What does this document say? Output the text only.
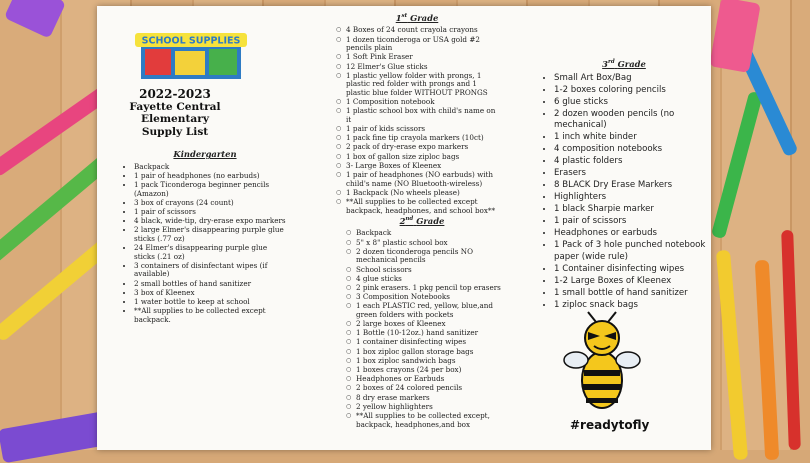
SCHOOL SUPPLIES
2022-2023
Fayette Central Elementary
Supply List
Kindergarten
• Backpack
• 1 pair of headphones (no earbuds)
• 1 pack Ticonderoga beginner pencils (Amazon)
• 3 box of crayons (24 count)
• 1 pair of scissors
• 4 black, wide-tip, dry-erase expo markers
• 2 large Elmer's disappearing purple glue sticks (.77 oz)
• 24 Elmer's disappearing purple glue sticks (.21 oz)
• 3 containers of disinfectant wipes (if available)
• 2 small bottles of hand sanitizer
• 3 box of Kleenex
• 1 water bottle to keep at school
• **All supplies to be collected except backpack.
1st Grade
○ 4 Boxes of 24 count crayola crayons
○ 1 dozen ticonderoga or USA gold #2 pencils plain
○ 1 Soft Pink Eraser
○ 12 Elmer's Glue sticks
○ 1 plastic yellow folder with prongs, 1 plastic red folder with prongs and 1 plastic blue folder WITHOUT PRONGS
○ 1 Composition notebook
○ 1 plastic school box with child's name on it
○ 1 pair of kids scissors
○ 1 pack fine tip crayola markers (10ct)
○ 2 pack of dry-erase expo markers
○ 1 box of gallon size ziploc bags
○ 3- Large Boxes of Kleenex
○ 1 pair of headphones (NO earbuds) with child's name (NO Bluetooth-wireless)
○ 1 Backpack (No wheels please)
○ **All supplies to be collected except backpack, headphones, and school box**
2nd Grade
○ Backpack
○ 5" x 8" plastic school box
○ 2 dozen ticonderoga pencils NO mechanical pencils
○ School scissors
○ 4 glue sticks
○ 2 pink erasers. 1 pkg pencil top erasers
○ 3 Composition Notebooks
○ 1 each PLASTIC red, yellow, blue,and green folders with pockets
○ 2 large boxes of Kleenex
○ 1 Bottle (10-12oz.) hand sanitizer
○ 1 container disinfecting wipes
○ 1 box ziploc gallon storage bags
○ 1 box ziploc sandwich bags
○ 1 boxes crayons (24 per box)
○ Headphones or Earbuds
○ 2 boxes of 24 colored pencils
○ 8 dry erase markers
○ 2 yellow highlighters
○ **All supplies to be collected except, backpack, headphones,and box
3rd Grade
• Small Art Box/Bag
• 1-2 boxes coloring pencils
• 6 glue sticks
• 2 dozen wooden pencils (no mechanical)
• 1 inch white binder
• 4 composition notebooks
• 4 plastic folders
• Erasers
• 8 BLACK Dry Erase Markers
• Highlighters
• 1 black Sharpie marker
• 1 pair of scissors
• Headphones or earbuds
• 1 Pack of 3 hole punched notebook paper (wide rule)
• 1 Container disinfecting wipes
• 1-2 Large Boxes of Kleenex
• 1 small bottle of hand sanitizer
• 1 ziploc snack bags
#readytofly
